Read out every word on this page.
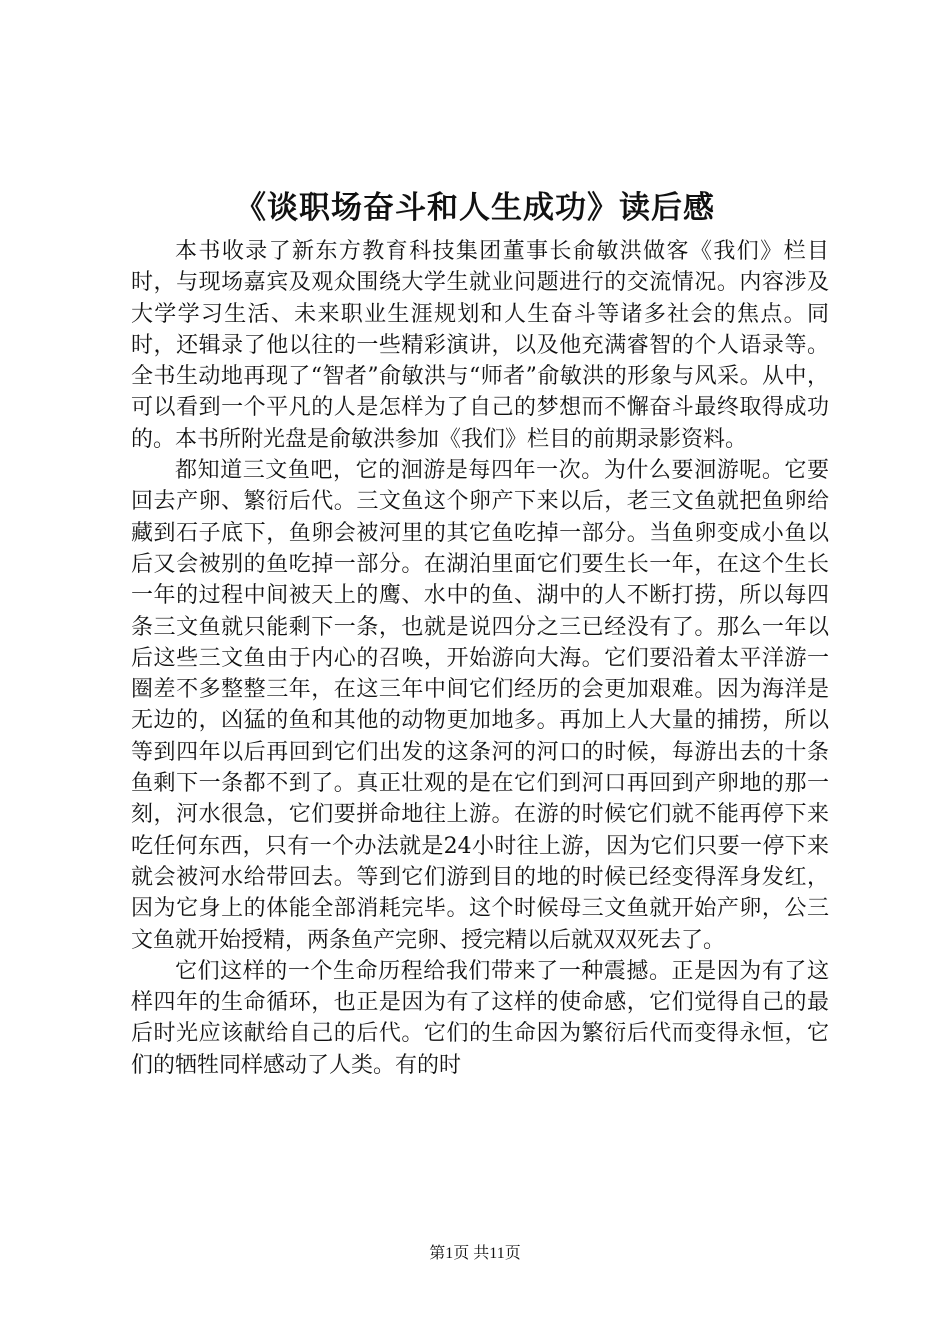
《谈职场奋斗和人生成功》读后感

本书收录了新东方教育科技集团董事长俞敏洪做客《我们》栏目时，与现场嘉宾及观众围绕大学生就业问题进行的交流情况。内容涉及大学学习生活、未来职业生涯规划和人生奋斗等诸多社会的焦点。同时，还辑录了他以往的一些精彩演讲，以及他充满睿智的个人语录等。全书生动地再现了“智者”俞敏洪与“师者”俞敏洪的形象与风采。从中，可以看到一个平凡的人是怎样为了自己的梦想而不懈奋斗最终取得成功的。本书所附光盘是俞敏洪参加《我们》栏目的前期录影资料。

都知道三文鱼吧，它的洄游是每四年一次。为什么要洄游呢。它要回去产卵、繁衍后代。三文鱼这个卵产下来以后，老三文鱼就把鱼卵给藏到石子底下，鱼卵会被河里的其它鱼吃掉一部分。当鱼卵变成小鱼以后又会被别的鱼吃掉一部分。在湖泊里面它们要生长一年，在这个生长一年的过程中间被天上的鹰、水中的鱼、湖中的人不断打捞，所以每四条三文鱼就只能剩下一条，也就是说四分之三已经没有了。那么一年以后这些三文鱼由于内心的召唤，开始游向大海。它们要沿着太平洋游一圈差不多整整三年，在这三年中间它们经历的会更加艰难。因为海洋是无边的，凶猛的鱼和其他的动物更加地多。再加上人大量的捕捞，所以等到四年以后再回到它们出发的这条河的河口的时候，每游出去的十条鱼剩下一条都不到了。真正壮观的是在它们到河口再回到产卵地的那一刻，河水很急，它们要拼命地往上游。在游的时候它们就不能再停下来吃任何东西，只有一个办法就是24小时往上游，因为它们只要一停下来就会被河水给带回去。等到它们游到目的地的时候已经变得浑身发红，因为它身上的体能全部消耗完毕。这个时候母三文鱼就开始产卵，公三文鱼就开始授精，两条鱼产完卵、授完精以后就双双死去了。

它们这样的一个生命历程给我们带来了一种震撼。正是因为有了这样四年的生命循环，也正是因为有了这样的使命感，它们觉得自己的最后时光应该献给自己的后代。它们的生命因为繁衍后代而变得永恒，它们的牺牲同样感动了人类。有的时

第1页 共11页
